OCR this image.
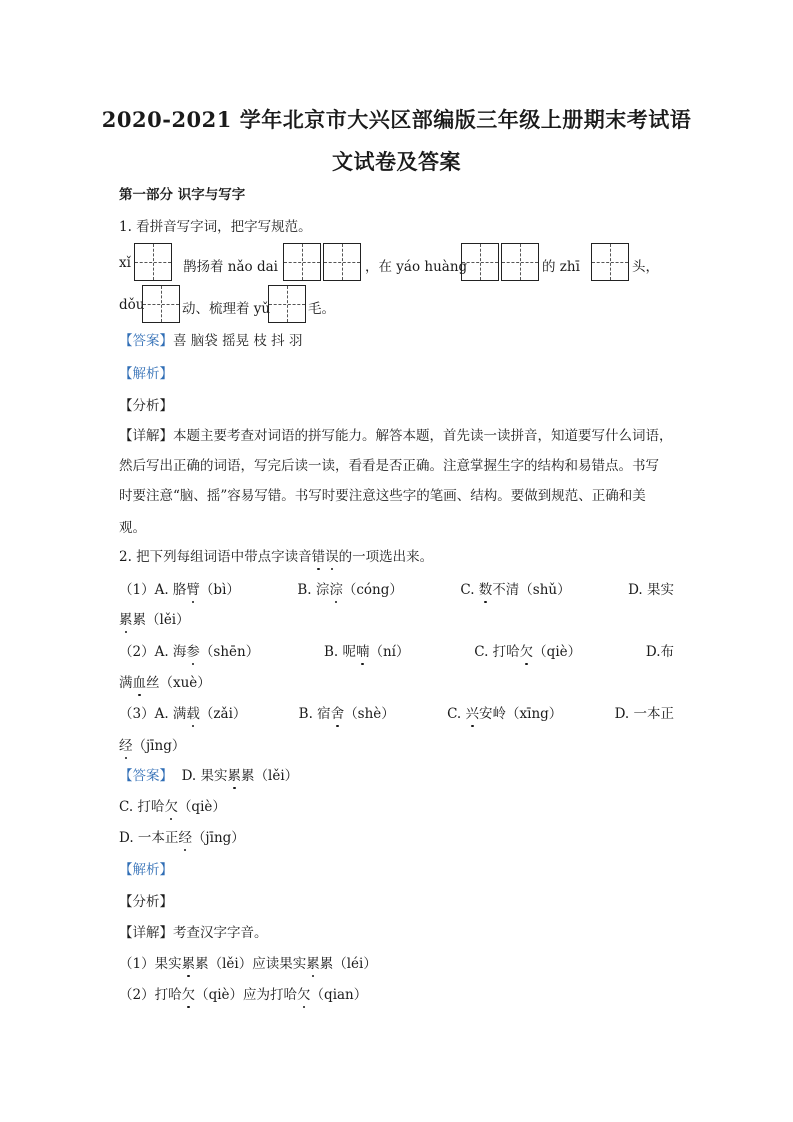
2020-2021 学年北京市大兴区部编版三年级上册期末考试语
文试卷及答案
第一部分 识字与写字
1. 看拼音写字词，把字写规范。
xǐ	鹊扬着 nǎo dai	，在 yáo huàng	的 zhī	头，
dǒu	动、梳理着 yǔ	毛。
【答案】喜 脑袋 摇晃 枝 抖 羽
【解析】
【分析】
【详解】本题主要考查对词语的拼写能力。解答本题，首先读一读拼音，知道要写什么词语，
然后写出正确的词语，写完后读一读，看看是否正确。注意掌握生字的结构和易错点。书写
时要注意“脑、摇”容易写错。书写时要注意这些字的笔画、结构。要做到规范、正确和美
观。
2. 把下列每组词语中带点字读音错误的一项选出来。
（1）A. 胳臂（bì）	B. 淙淙（cóng）	C. 数不清（shǔ）	D. 果实
累累（lěi）
（2）A. 海参（shēn）	B. 呢喃（ní）	C. 打哈欠（qiè）	D.布
满血丝（xuè）
（3）A. 满载（zǎi）	B. 宿舍（shè）	C. 兴安岭（xīng）	D. 一本正
经（jīng）
【答案】 D. 果实累累（lěi）
C. 打哈欠（qiè）
D. 一本正经（jīng）
【解析】
【分析】
【详解】考查汉字字音。
（1）果实累累（lěi）应读果实累累（léi）
（2）打哈欠（qiè）应为打哈欠（qian）
